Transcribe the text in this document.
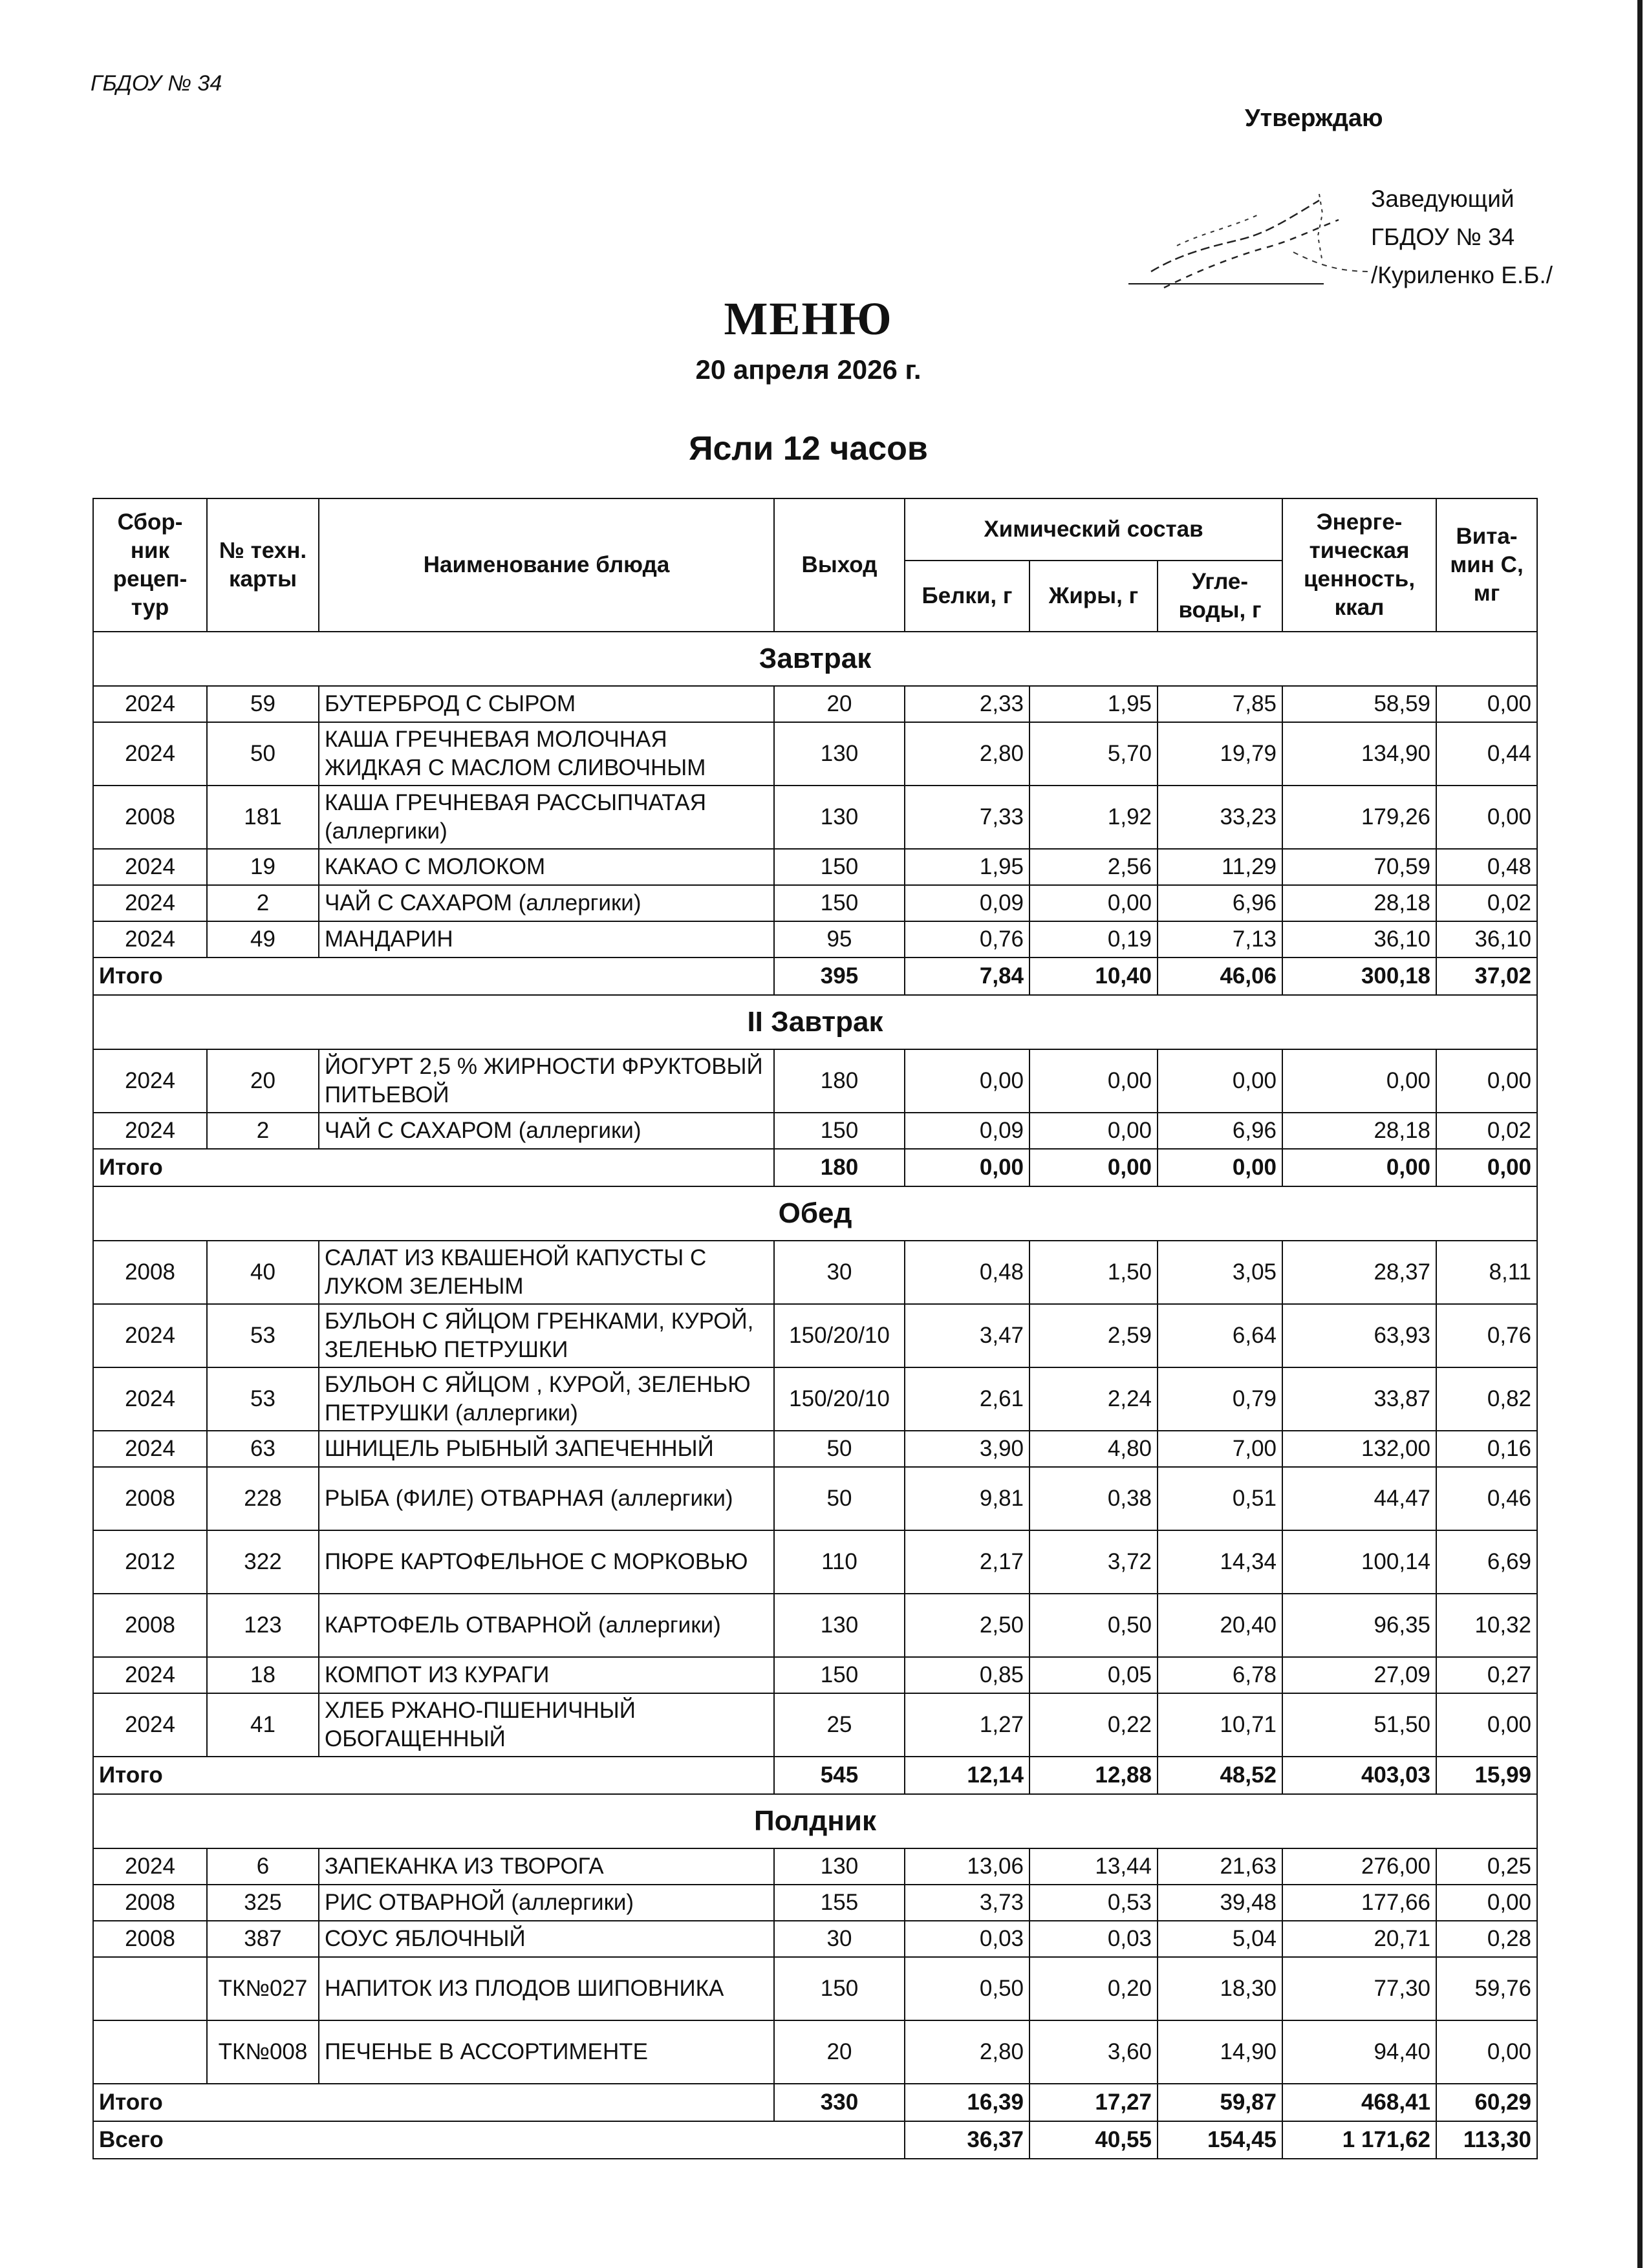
ГБДОУ № 34
Утверждаю
Заведующий
ГБДОУ № 34
/Куриленко Е.Б./
МЕНЮ
20 апреля 2026 г.
Ясли 12 часов
Сбор-ник рецеп-тур	№ техн. карты	Наименование блюда	Выход	Химический состав			Энерге-тическая ценность, ккал	Вита-мин С, мг
				Белки, г	Жиры, г	Угле-воды, г		
Завтрак								
2024	59	БУТЕРБРОД С СЫРОМ	20	2,33	1,95	7,85	58,59	0,00
2024	50	КАША ГРЕЧНЕВАЯ МОЛОЧНАЯ ЖИДКАЯ С МАСЛОМ СЛИВОЧНЫМ	130	2,80	5,70	19,79	134,90	0,44
2008	181	КАША ГРЕЧНЕВАЯ РАССЫПЧАТАЯ (аллергики)	130	7,33	1,92	33,23	179,26	0,00
2024	19	КАКАО С МОЛОКОМ	150	1,95	2,56	11,29	70,59	0,48
2024	2	ЧАЙ С САХАРОМ (аллергики)	150	0,09	0,00	6,96	28,18	0,02
2024	49	МАНДАРИН	95	0,76	0,19	7,13	36,10	36,10
Итого			395	7,84	10,40	46,06	300,18	37,02
II Завтрак								
2024	20	ЙОГУРТ 2,5 % ЖИРНОСТИ ФРУКТОВЫЙ ПИТЬЕВОЙ	180	0,00	0,00	0,00	0,00	0,00
2024	2	ЧАЙ С САХАРОМ (аллергики)	150	0,09	0,00	6,96	28,18	0,02
Итого			180	0,00	0,00	0,00	0,00	0,00
Обед								
2008	40	САЛАТ ИЗ КВАШЕНОЙ КАПУСТЫ С ЛУКОМ ЗЕЛЕНЫМ	30	0,48	1,50	3,05	28,37	8,11
2024	53	БУЛЬОН С ЯЙЦОМ ГРЕНКАМИ, КУРОЙ, ЗЕЛЕНЬЮ ПЕТРУШКИ	150/20/10	3,47	2,59	6,64	63,93	0,76
2024	53	БУЛЬОН С ЯЙЦОМ , КУРОЙ, ЗЕЛЕНЬЮ ПЕТРУШКИ (аллергики)	150/20/10	2,61	2,24	0,79	33,87	0,82
2024	63	ШНИЦЕЛЬ РЫБНЫЙ ЗАПЕЧЕННЫЙ	50	3,90	4,80	7,00	132,00	0,16
2008	228	РЫБА (ФИЛЕ) ОТВАРНАЯ (аллергики)	50	9,81	0,38	0,51	44,47	0,46
2012	322	ПЮРЕ КАРТОФЕЛЬНОЕ С МОРКОВЬЮ	110	2,17	3,72	14,34	100,14	6,69
2008	123	КАРТОФЕЛЬ ОТВАРНОЙ (аллергики)	130	2,50	0,50	20,40	96,35	10,32
2024	18	КОМПОТ ИЗ КУРАГИ	150	0,85	0,05	6,78	27,09	0,27
2024	41	ХЛЕБ РЖАНО-ПШЕНИЧНЫЙ ОБОГАЩЕННЫЙ	25	1,27	0,22	10,71	51,50	0,00
Итого			545	12,14	12,88	48,52	403,03	15,99
Полдник								
2024	6	ЗАПЕКАНКА ИЗ ТВОРОГА	130	13,06	13,44	21,63	276,00	0,25
2008	325	РИС ОТВАРНОЙ (аллергики)	155	3,73	0,53	39,48	177,66	0,00
2008	387	СОУС ЯБЛОЧНЫЙ	30	0,03	0,03	5,04	20,71	0,28
	ТК№027	НАПИТОК ИЗ ПЛОДОВ ШИПОВНИКА	150	0,50	0,20	18,30	77,30	59,76
	ТК№008	ПЕЧЕНЬЕ В АССОРТИМЕНТЕ	20	2,80	3,60	14,90	94,40	0,00
Итого			330	16,39	17,27	59,87	468,41	60,29
Всего				36,37	40,55	154,45	1 171,62	113,30
